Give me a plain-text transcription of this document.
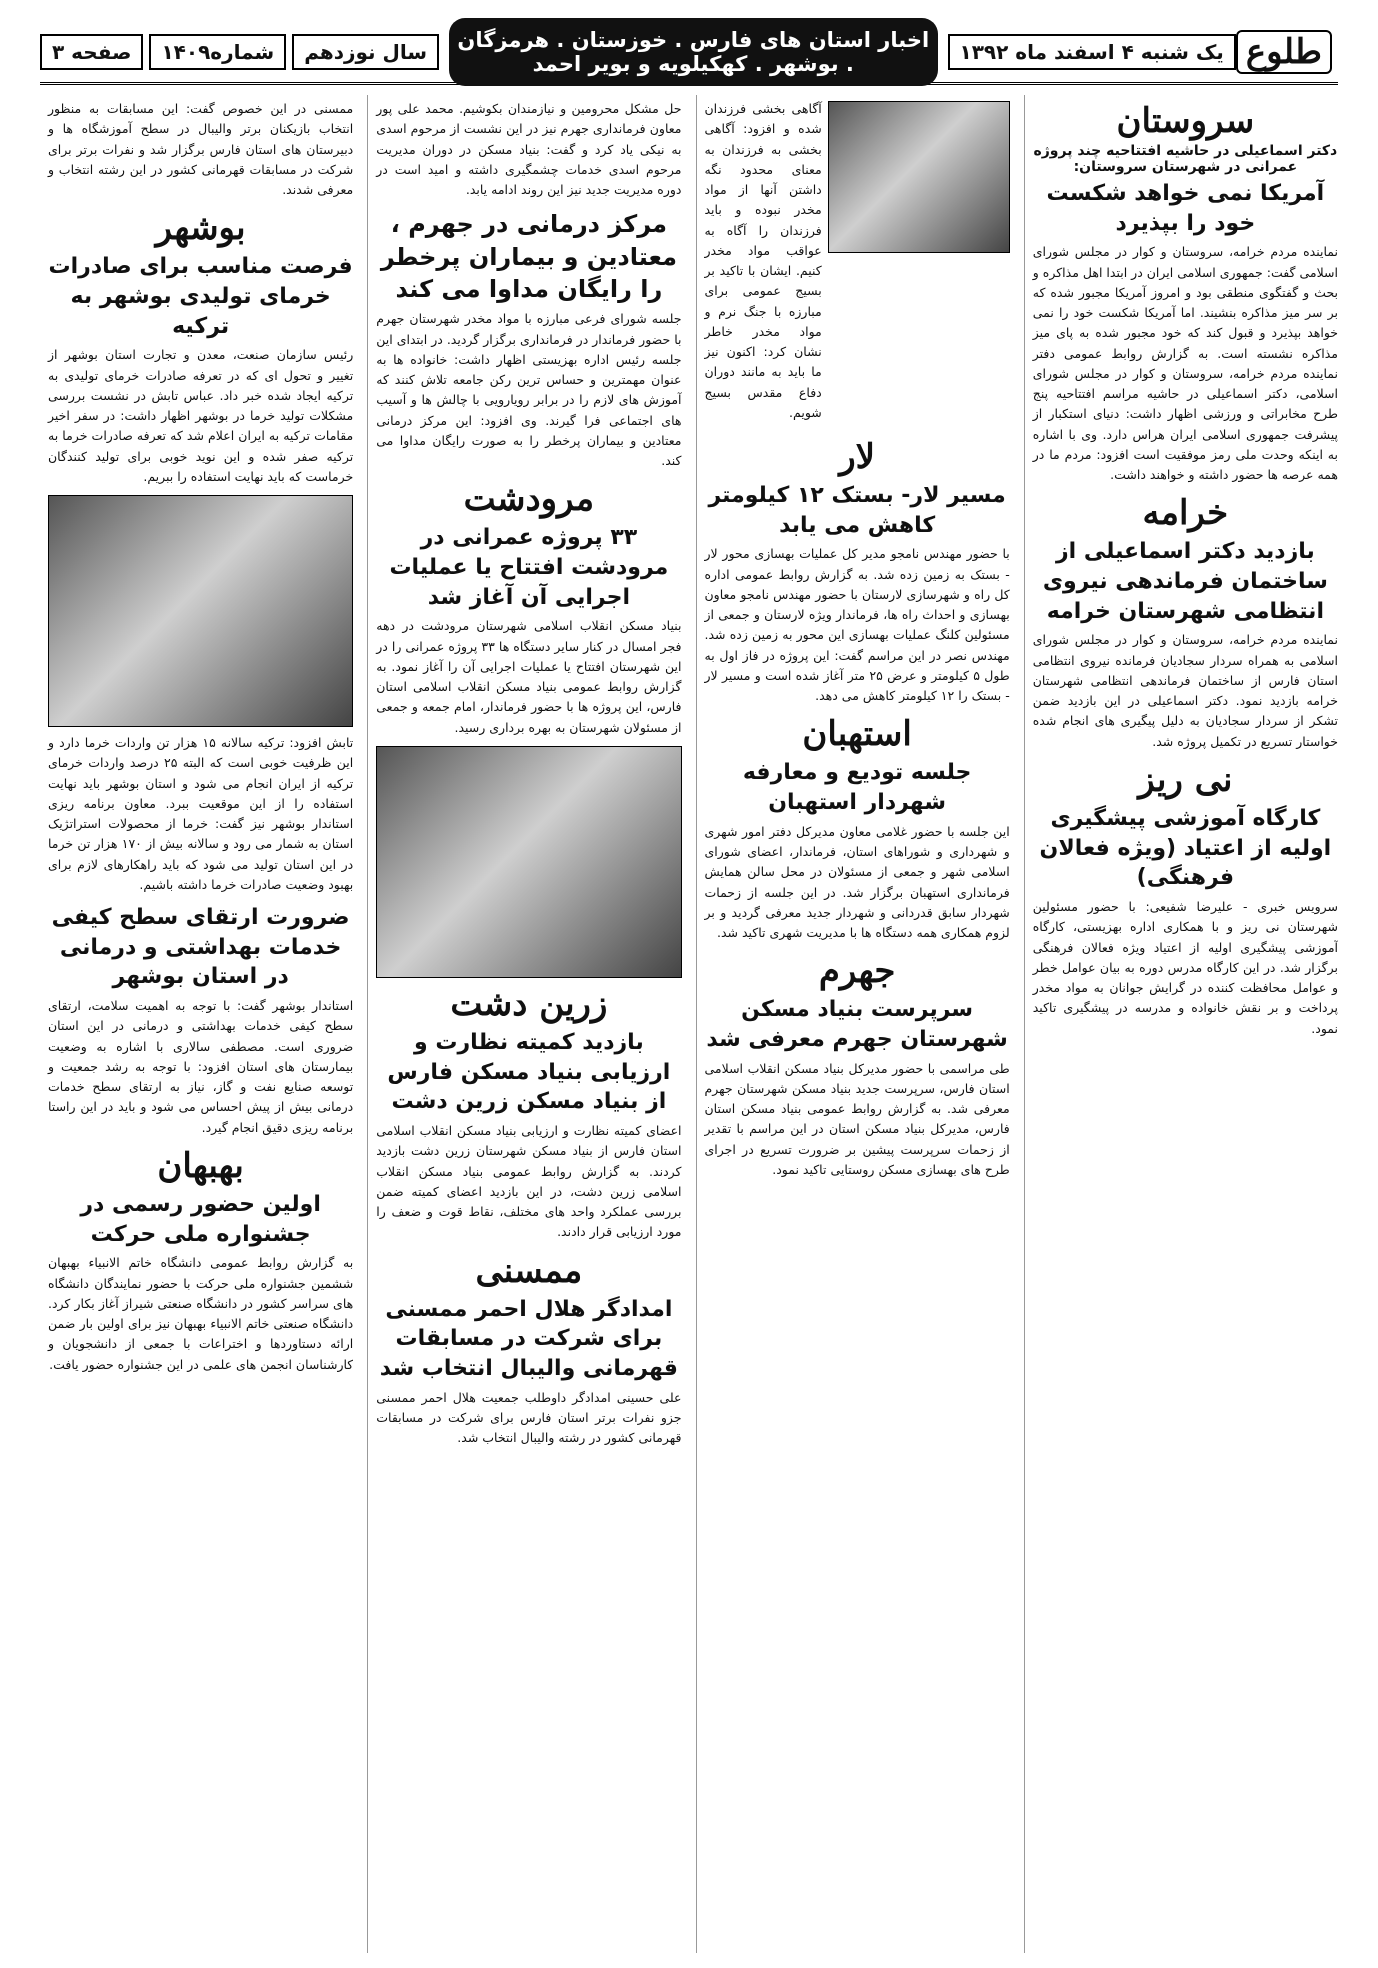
طلوع
یک شنبه ۴ اسفند ماه ۱۳۹۲
اخبار استان های فارس . خوزستان . هرمزگان . بوشهر . کهکیلویه و بویر احمد
سال نوزدهم
شماره۱۴۰۹
صفحه ۳
سروستان
دکتر اسماعیلی در حاشیه افتتاحیه چند پروژه عمرانی در شهرستان سروستان:
آمریکا نمی خواهد شکست خود را بپذیرد
نماینده مردم خرامه، سروستان و کوار در مجلس شورای اسلامی گفت: جمهوری اسلامی ایران در ابتدا اهل مذاکره و بحث و گفتگوی منطقی بود و امروز آمریکا مجبور شده که بر سر میز مذاکره بنشیند. اما آمریکا شکست خود را نمی خواهد بپذیرد و قبول کند که خود مجبور شده به پای میز مذاکره نشسته است. به گزارش روابط عمومی دفتر نماینده مردم خرامه، سروستان و کوار در مجلس شورای اسلامی، دکتر اسماعیلی در حاشیه مراسم افتتاحیه پنج طرح مخابراتی و ورزشی اظهار داشت: دنیای استکبار از پیشرفت جمهوری اسلامی ایران هراس دارد. وی با اشاره به اینکه وحدت ملی رمز موفقیت است افزود: مردم ما در همه عرصه ها حضور داشته و خواهند داشت.
خرامه
بازدید دکتر اسماعیلی از ساختمان فرماندهی نیروی انتظامی شهرستان خرامه
نماینده مردم خرامه، سروستان و کوار در مجلس شورای اسلامی به همراه سردار سجادیان فرمانده نیروی انتظامی استان فارس از ساختمان فرماندهی انتظامی شهرستان خرامه بازدید نمود. دکتر اسماعیلی در این بازدید ضمن تشکر از سردار سجادیان به دلیل پیگیری های انجام شده خواستار تسریع در تکمیل پروژه شد.
نی ریز
کارگاه آموزشی پیشگیری اولیه از اعتیاد (ویژه فعالان فرهنگی)
سرویس خبری - علیرضا شفیعی: با حضور مسئولین شهرستان نی ریز و با همکاری اداره بهزیستی، کارگاه آموزشی پیشگیری اولیه از اعتیاد ویژه فعالان فرهنگی برگزار شد. در این کارگاه مدرس دوره به بیان عوامل خطر و عوامل محافظت کننده در گرایش جوانان به مواد مخدر پرداخت و بر نقش خانواده و مدرسه در پیشگیری تاکید نمود.
آگاهی بخشی فرزندان شده و افزود: آگاهی بخشی به فرزندان به معنای محدود نگه داشتن آنها از مواد مخدر نبوده و باید فرزندان را آگاه به عواقب مواد مخدر کنیم. ایشان با تاکید بر بسیج عمومی برای مبارزه با جنگ نرم و مواد مخدر خاطر نشان کرد: اکنون نیز ما باید به مانند دوران دفاع مقدس بسیج شویم.
لار
مسیر لار- بستک ۱۲ کیلومتر کاهش می یابد
با حضور مهندس نامجو مدیر کل عملیات بهسازی محور لار - بستک به زمین زده شد. به گزارش روابط عمومی اداره کل راه و شهرسازی لارستان با حضور مهندس نامجو معاون بهسازی و احداث راه ها، فرماندار ویژه لارستان و جمعی از مسئولین کلنگ عملیات بهسازی این محور به زمین زده شد. مهندس نصر در این مراسم گفت: این پروژه در فاز اول به طول ۵ کیلومتر و عرض ۲۵ متر آغاز شده است و مسیر لار - بستک را ۱۲ کیلومتر کاهش می دهد.
استهبان
جلسه تودیع و معارفه شهردار استهبان
این جلسه با حضور غلامی معاون مدیرکل دفتر امور شهری و شهرداری و شوراهای استان، فرماندار، اعضای شورای اسلامی شهر و جمعی از مسئولان در محل سالن همایش فرمانداری استهبان برگزار شد. در این جلسه از زحمات شهردار سابق قدردانی و شهردار جدید معرفی گردید و بر لزوم همکاری همه دستگاه ها با مدیریت شهری تاکید شد.
جهرم
سرپرست بنیاد مسکن شهرستان جهرم معرفی شد
طی مراسمی با حضور مدیرکل بنیاد مسکن انقلاب اسلامی استان فارس، سرپرست جدید بنیاد مسکن شهرستان جهرم معرفی شد. به گزارش روابط عمومی بنیاد مسکن استان فارس، مدیرکل بنیاد مسکن استان در این مراسم با تقدیر از زحمات سرپرست پیشین بر ضرورت تسریع در اجرای طرح های بهسازی مسکن روستایی تاکید نمود.
حل مشکل محرومین و نیازمندان بکوشیم. محمد علی پور معاون فرمانداری جهرم نیز در این نشست از مرحوم اسدی به نیکی یاد کرد و گفت: بنیاد مسکن در دوران مدیریت مرحوم اسدی خدمات چشمگیری داشته و امید است در دوره مدیریت جدید نیز این روند ادامه یابد.
مرکز درمانی در جهرم ، معتادین و بیماران پرخطر را رایگان مداوا می کند
جلسه شورای فرعی مبارزه با مواد مخدر شهرستان جهرم با حضور فرماندار در فرمانداری برگزار گردید. در ابتدای این جلسه رئیس اداره بهزیستی اظهار داشت: خانواده ها به عنوان مهمترین و حساس ترین رکن جامعه تلاش کنند که آموزش های لازم را در برابر رویارویی با چالش ها و آسیب های اجتماعی فرا گیرند. وی افزود: این مرکز درمانی معتادین و بیماران پرخطر را به صورت رایگان مداوا می کند.
مرودشت
۳۳ پروژه عمرانی در مرودشت افتتاح یا عملیات اجرایی آن آغاز شد
بنیاد مسکن انقلاب اسلامی شهرستان مرودشت در دهه فجر امسال در کنار سایر دستگاه ها ۳۳ پروژه عمرانی را در این شهرستان افتتاح یا عملیات اجرایی آن را آغاز نمود. به گزارش روابط عمومی بنیاد مسکن انقلاب اسلامی استان فارس، این پروژه ها با حضور فرماندار، امام جمعه و جمعی از مسئولان شهرستان به بهره برداری رسید.
زرین دشت
بازدید کمیته نظارت و ارزیابی بنیاد مسکن فارس از بنیاد مسکن زرین دشت
اعضای کمیته نظارت و ارزیابی بنیاد مسکن انقلاب اسلامی استان فارس از بنیاد مسکن شهرستان زرین دشت بازدید کردند. به گزارش روابط عمومی بنیاد مسکن انقلاب اسلامی زرین دشت، در این بازدید اعضای کمیته ضمن بررسی عملکرد واحد های مختلف، نقاط قوت و ضعف را مورد ارزیابی قرار دادند.
ممسنی
امدادگر هلال احمر ممسنی برای شرکت در مسابقات قهرمانی والیبال انتخاب شد
علی حسینی امدادگر داوطلب جمعیت هلال احمر ممسنی جزو نفرات برتر استان فارس برای شرکت در مسابقات قهرمانی کشور در رشته والیبال انتخاب شد.
ممسنی در این خصوص گفت: این مسابقات به منظور انتخاب بازیکنان برتر والیبال در سطح آموزشگاه ها و دبیرستان های استان فارس برگزار شد و نفرات برتر برای شرکت در مسابقات قهرمانی کشور در این رشته انتخاب و معرفی شدند.
بوشهر
فرصت مناسب برای صادرات خرمای تولیدی بوشهر به ترکیه
رئیس سازمان صنعت، معدن و تجارت استان بوشهر از تغییر و تحول ای که در تعرفه صادرات خرمای تولیدی به ترکیه ایجاد شده خبر داد. عباس تابش در نشست بررسی مشکلات تولید خرما در بوشهر اظهار داشت: در سفر اخیر مقامات ترکیه به ایران اعلام شد که تعرفه صادرات خرما به ترکیه صفر شده و این نوید خوبی برای تولید کنندگان خرماست که باید نهایت استفاده را ببریم.
تابش افزود: ترکیه سالانه ۱۵ هزار تن واردات خرما دارد و این ظرفیت خوبی است که البته ۲۵ درصد واردات خرمای ترکیه از ایران انجام می شود و استان بوشهر باید نهایت استفاده را از این موقعیت ببرد. معاون برنامه ریزی استاندار بوشهر نیز گفت: خرما از محصولات استراتژیک استان به شمار می رود و سالانه بیش از ۱۷۰ هزار تن خرما در این استان تولید می شود که باید راهکارهای لازم برای بهبود وضعیت صادرات خرما داشته باشیم.
ضرورت ارتقای سطح کیفی خدمات بهداشتی و درمانی در استان بوشهر
استاندار بوشهر گفت: با توجه به اهمیت سلامت، ارتقای سطح کیفی خدمات بهداشتی و درمانی در این استان ضروری است. مصطفی سالاری با اشاره به وضعیت بیمارستان های استان افزود: با توجه به رشد جمعیت و توسعه صنایع نفت و گاز، نیاز به ارتقای سطح خدمات درمانی بیش از پیش احساس می شود و باید در این راستا برنامه ریزی دقیق انجام گیرد.
بهبهان
اولین حضور رسمی در جشنواره ملی حرکت
به گزارش روابط عمومی دانشگاه خاتم الانبیاء بهبهان ششمین جشنواره ملی حرکت با حضور نمایندگان دانشگاه های سراسر کشور در دانشگاه صنعتی شیراز آغاز بکار کرد. دانشگاه صنعتی خاتم الانبیاء بهبهان نیز برای اولین بار ضمن ارائه دستاوردها و اختراعات با جمعی از دانشجویان و کارشناسان انجمن های علمی در این جشنواره حضور یافت.
